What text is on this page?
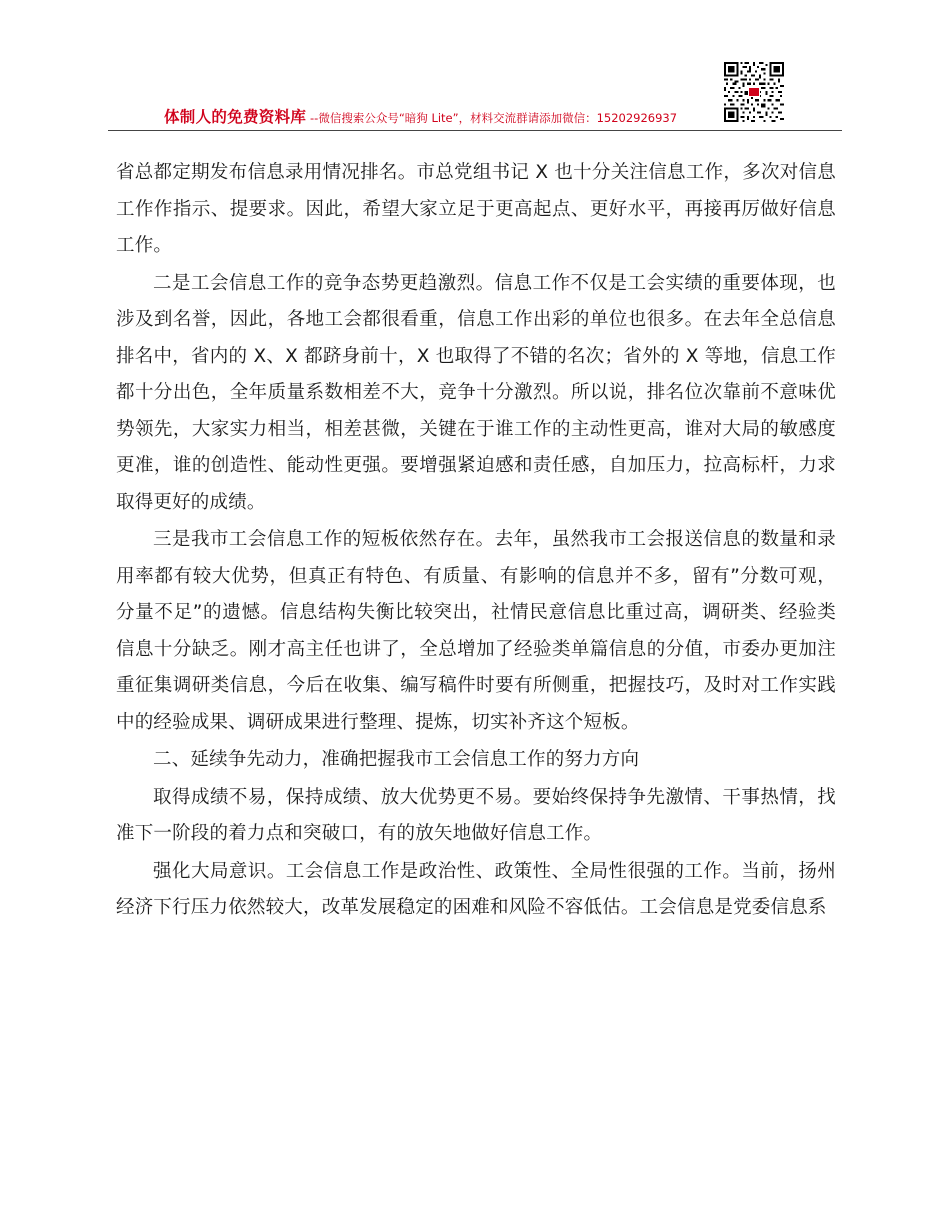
体制人的免费资料库 --微信搜索公众号“暗狗 Lite”，材料交流群请添加微信：15202926937

省总都定期发布信息录用情况排名。市总党组书记 X 也十分关注信息工作，多次对信息工作作指示、提要求。因此，希望大家立足于更高起点、更好水平，再接再厉做好信息工作。

二是工会信息工作的竞争态势更趋激烈。信息工作不仅是工会实绩的重要体现，也涉及到名誉，因此，各地工会都很看重，信息工作出彩的单位也很多。在去年全总信息排名中，省内的 X、X 都跻身前十，X 也取得了不错的名次；省外的 X 等地，信息工作都十分出色，全年质量系数相差不大，竞争十分激烈。所以说，排名位次靠前不意味优势领先，大家实力相当，相差甚微，关键在于谁工作的主动性更高，谁对大局的敏感度更准，谁的创造性、能动性更强。要增强紧迫感和责任感，自加压力，拉高标杆，力求取得更好的成绩。

三是我市工会信息工作的短板依然存在。去年，虽然我市工会报送信息的数量和录用率都有较大优势，但真正有特色、有质量、有影响的信息并不多，留有”分数可观，分量不足”的遗憾。信息结构失衡比较突出，社情民意信息比重过高，调研类、经验类信息十分缺乏。刚才高主任也讲了，全总增加了经验类单篇信息的分值，市委办更加注重征集调研类信息，今后在收集、编写稿件时要有所侧重，把握技巧，及时对工作实践中的经验成果、调研成果进行整理、提炼，切实补齐这个短板。

二、延续争先动力，准确把握我市工会信息工作的努力方向

取得成绩不易，保持成绩、放大优势更不易。要始终保持争先激情、干事热情，找准下一阶段的着力点和突破口，有的放矢地做好信息工作。

强化大局意识。工会信息工作是政治性、政策性、全局性很强的工作。当前，扬州经济下行压力依然较大，改革发展稳定的困难和风险不容低估。工会信息是党委信息系
